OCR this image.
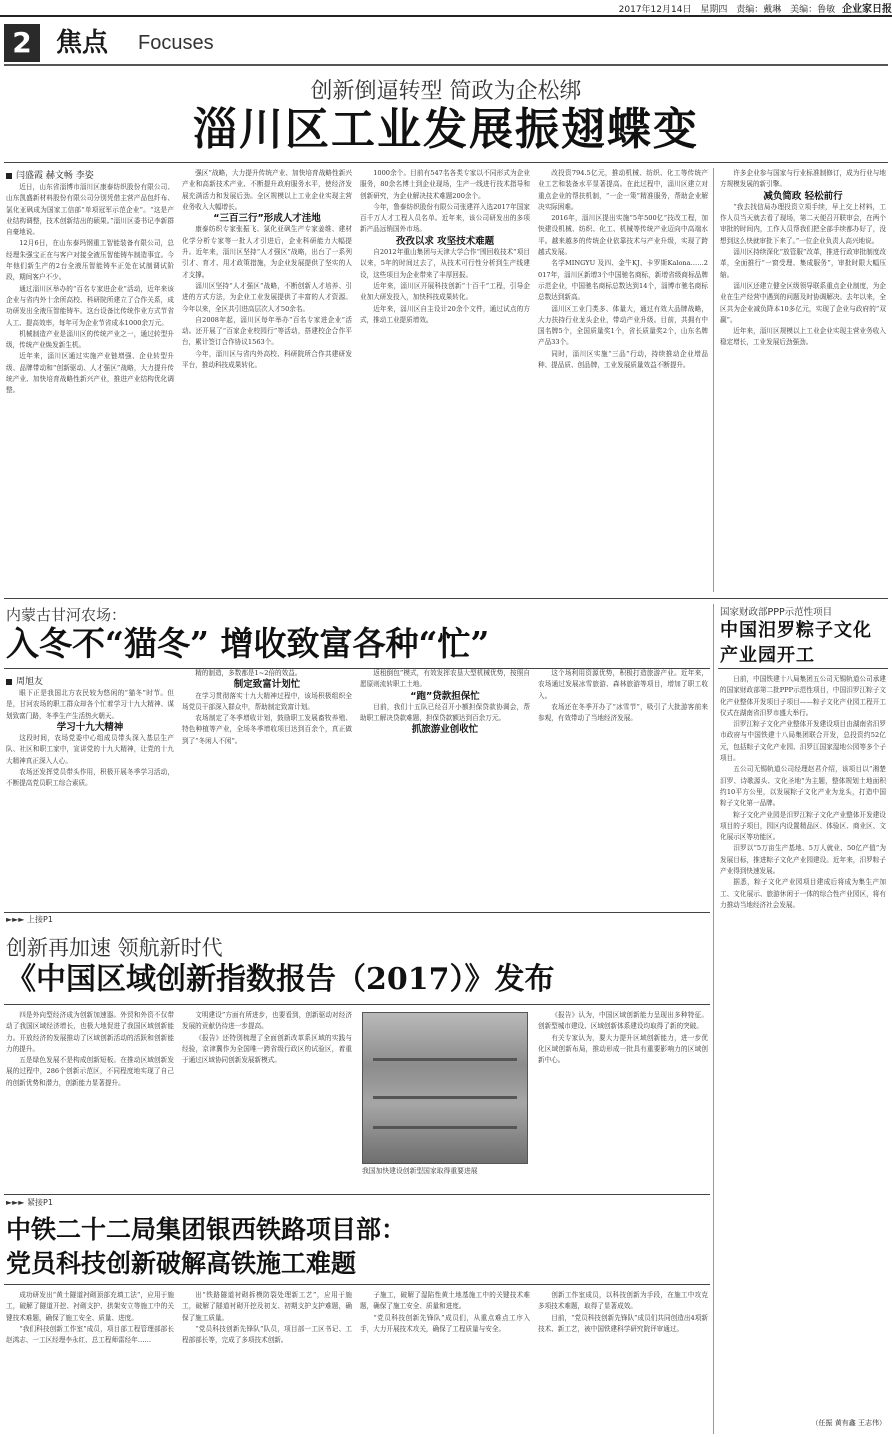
2017年12月14日 星期四 责编：戴琳 美编：鲁敏 企业家日报
2 焦点 Focuses
创新倒逼转型 简政为企松绑
淄川区工业发展振翅蝶变
闫盛霞 赫文畅 李姿

近日，山东省淄博市淄川区康泰纺织股份有限公司、山东凯盛新材料股份有限公司分别凭借主营产品包纤布、氯化亚砜成为国家工信部“单项冠军示范企业”。“这是产业结构调整，技术创新结出的硕果。”淄川区委书记李新群自豪地说。

12月6日，在山东泰玛钢重工智能装备有限公司，总经理朱强宝正在与客户对接全液压智能铸车制造事宜。今年他们新生产的2台全液压智能铸车正处在试制调试阶段，期间客户不少。

通过淄川区举办的“百名专家进企业”活动，近年来该企业与省内外十余所高校、科研院所建立了合作关系，成功研发出全液压智能铸车。这台设备比传统作业方式节省人工、提高效率，每年可为企业节省成本1000余万元。

机械制造产业是淄川区的传统产业之一，通过转型升级，传统产业焕发新生机。

近年来，淄川区通过实施产业链增强、企业转型升级、品牌带动和“创新驱动、人才强区”战略，大力提升传统产业、加快培育战略性新兴产业，推进产业结构优化调整。

强区”战略，大力提升传统产业、加快培育战略性新兴产业和高新技术产业、不断提升政府服务水平，使经济发展充满活力和发展后劲。全区规模以上工业企业实现主营业务收入大幅增长。

“三百三行”形成人才洼地

康泰纺织专家张振飞、氯化亚砜生产专家姜维、建材化学分析专家等一批人才引进后，企业科研能力大幅提升。近年来，淄川区坚持“人才强区”战略，出台了一系列引才、育才、用才政策措施，为企业发展提供了坚实的人才支撑。

淄川区坚持“人才强区”战略，不断创新人才培养、引进的方式方法，为企业工业发展提供了丰富的人才资源。今年以来，全区共引进高层次人才50余名。

自2008年起，淄川区每年举办“百名专家进企业”活动。还开展了“百家企业校园行”等活动，搭建校企合作平台，累计签订合作协议1563个。

今年，淄川区与省内外高校、科研院所合作共建研发平台，推动科技成果转化。

1000余个。目前有547名各类专家以不同形式为企业服务，80余名博士到企业现场，生产一线进行技术指导和创新研究，为企业解决技术难题200余个。

今年，鲁泰纺织股份有限公司张建祥入选2017年国家百千万人才工程人员名单。近年来，该公司研发出的多项新产品远销国外市场。

孜孜以求 攻坚技术难题

自2012年重山集团与天津大学合作“围回收技术”项目以来，5年的时间过去了，从技术可行性分析到生产线建设，这些项目为企业带来了丰厚回报。

近年来，淄川区开展科技创新“十百千”工程，引导企业加大研发投入，加快科技成果转化。

近年来，淄川区自主设计20余个文件，通过试点的方式，推动工业提质增效。

改投资794.5亿元，推动机械、纺织、化工等传统产业工艺和装备水平显著提高。在此过程中，淄川区建立对重点企业的帮扶机制，“一企一策”精准服务，帮助企业解决实际困难。

2016年，淄川区提出实施“5年500亿”技改工程，加快建设机械、纺织、化工、机械等传统产业迈向中高端水平。越来越多的传统企业依靠技术与产业升级，实现了跨越式发展。

名学MINGYU 及四、金牛KJ、卡罗斯Kalona……2017年，淄川区新增3个中国驰名商标，新增省级商标品牌示范企业，中国驰名商标总数达到14个，淄博市驰名商标总数达到新高。

淄川区工业门类多、体量大，通过有效大品牌战略，大力扶持行业龙头企业，带动产业升级。目前，共拥有中国名牌5个，全国质量奖1个，省长质量奖2个，山东名牌产品33个。

同时，淄川区实施“三品”行动，持续推动企业增品种、提品质、创品牌，工业发展质量效益不断提升。

许多企业参与国家与行业标准制修订，成为行业与地方规模发展的新引擎。

减负简政 轻松前行

“我去找信局办理投资立项手续，早上交上材料，工作人员当天就去看了现场，第二天便召开联审会，在两个审批的时间内，工作人员帮我们把全部手续都办好了，没想到这么快就审批下来了。”一位企业负责人高兴地说。

淄川区持续深化“放管服”改革，推进行政审批制度改革，全面推行“一窗受理、集成服务”，审批时限大幅压缩。

淄川区还建立健全区级领导联系重点企业制度，为企业在生产经营中遇到的问题及时协调解决。去年以来，全区共为企业减负降本10多亿元，实现了企业与政府的“双赢”。

近年来，淄川区规模以上工业企业实现主营业务收入稳定增长，工业发展后劲强劲。

内蒙古甘河农场：
入冬不“猫冬” 增收致富各种“忙”
周旭友

眼下正是我国北方农民较为悠闲的“猫冬”时节。但是，甘河农场的职工群众却各个忙着学习十九大精神、谋划致富门路，冬季生产生活热火朝天。

学习十九大精神

这段时间，农场党委中心组成员带头深入基层生产队、社区和职工家中，宣讲党的十九大精神，让党的十九大精神真正深入人心。

农场还发挥党员带头作用，积极开展冬季学习活动，不断提高党员职工综合素质。

精的制造，多数都是1~2倍的效益。

制定致富计划忙

在学习贯彻落实十九大精神过程中，该场积极组织全场党员干部深入群众中，帮助制定致富计划。

农场制定了冬季增收计划，鼓励职工发展畜牧养殖、特色种植等产业，全场冬季增收项目达到百余个，真正做到了“冬闲人不闲”。

返租倒包”模式，有效发挥农垦大型机械优势，按照自愿原则流转职工土地。

“跑”贷款担保忙

目前，我们十五队已经召开小额担保贷款协调会，帮助职工解决贷款难题，担保贷款额达到百余万元。

抓旅游业创收忙

这个场利用资源优势，积极打造旅游产业。近年来，农场通过发展冰雪旅游、森林旅游等项目，增加了职工收入。

农场还在冬季开办了“冰雪节”，吸引了大批游客前来参观，有效带动了当地经济发展。

国家财政部PPP示范性项目
中国汨罗粽子文化产业园开工

日前，中国铁建十八局集团五公司无锡轨道公司承建的国家财政部第二批PPP示范性项目，中国汨罗江粽子文化产业整体开发项目子项目——粽子文化产业园工程开工仪式在湖南省汨罗市盛大举行。

汨罗江粽子文化产业整体开发建设项目由湖南省汨罗市政府与中国铁建十八局集团联合开发，总投资约52亿元，包括粽子文化产业园、汨罗江国家湿地公园等多个子项目。

五公司无锡轨道公司经理赵君介绍，该项目以“湘楚汨罗、诗歌源头、文化圣地”为主题，整体规划土地面积约10平方公里，以发展粽子文化产业为龙头，打造中国粽子文化第一品牌。

粽子文化产业园是汨罗江粽子文化产业整体开发建设项目的子项目，园区内设置精品区、体验区、商业区、文化展示区等功能区。

汨罗以“5万亩生产基地、5万人就业、50亿产值”为发展目标，推进粽子文化产业园建设。近年来，汨罗粽子产业得到快速发展。

据悉，粽子文化产业园项目建成后将成为集生产加工、文化展示、旅游休闲于一体的综合性产业园区，将有力推动当地经济社会发展。

（任振 黄有鑫 王志伟）
►►► 上接P1
创新再加速 领航新时代
《中国区域创新指数报告（2017）》发布

四是外向型经济成为创新加速器。外贸和外资不仅带动了我国区域经济增长，也极大地促进了我国区域创新能力。开放经济的发展推动了区域创新活动的活跃和创新能力的提升。

五是绿色发展不是构成创新短板。在推动区域创新发展的过程中，286个创新示范区，不同程度地实现了自己的创新优势和潜力，创新能力显著提升。

文明建设”方面有所进步，也要看到，创新驱动对经济发展的贡献仍待进一步提高。

《报告》还特别梳理了全面创新改革系区域的实践与经验，京津冀作为全国唯一跨省级行政区的试验区，着重于通过区域协同创新发展新模式。

我国加快建设创新型国家取得重要进展

《报告》认为，中国区域创新能力呈现出多种特征。创新型城市建设、区域创新体系建设均取得了新的突破。

有关专家认为，要大力提升区域创新能力，进一步优化区域创新布局，推动形成一批具有重要影响力的区域创新中心。

►►► 紧接P1
中铁二十二局集团银西铁路项目部：
党员科技创新破解高铁施工难题

成功研发出“黄土隧道衬砌顶部充填工法”，应用于施工，破解了隧道开挖、衬砌支护、拱架安立等施工中的关键技术难题，确保了施工安全、质量、进度。

“我们科技创新工作室”成员，项目部工程管理部部长赵鸿志、一工区经理李永红、总工程师雷经年……

出“铁路隧道衬砌拆模防裂处理新工艺”，应用于施工，破解了隧道衬砌开挖及初支、初期支护支护难题，确保了施工质量。

“党员科技创新先锋队”队员，项目部一工区书记、工程部部长等，完成了多项技术创新。

子施工，破解了湿陷性黄土地基施工中的关键技术难题，确保了施工安全、质量和进度。

“党员科技创新先锋队”成员们，从重点难点工序入手，大力开展技术攻关，确保了工程质量与安全。

创新工作室成员，以科技创新为手段，在施工中攻克多项技术难题，取得了显著成效。

目前，“党员科技创新先锋队”成员们共同创造出4项新技术、新工艺，被中国铁建科学研究院评审通过。
